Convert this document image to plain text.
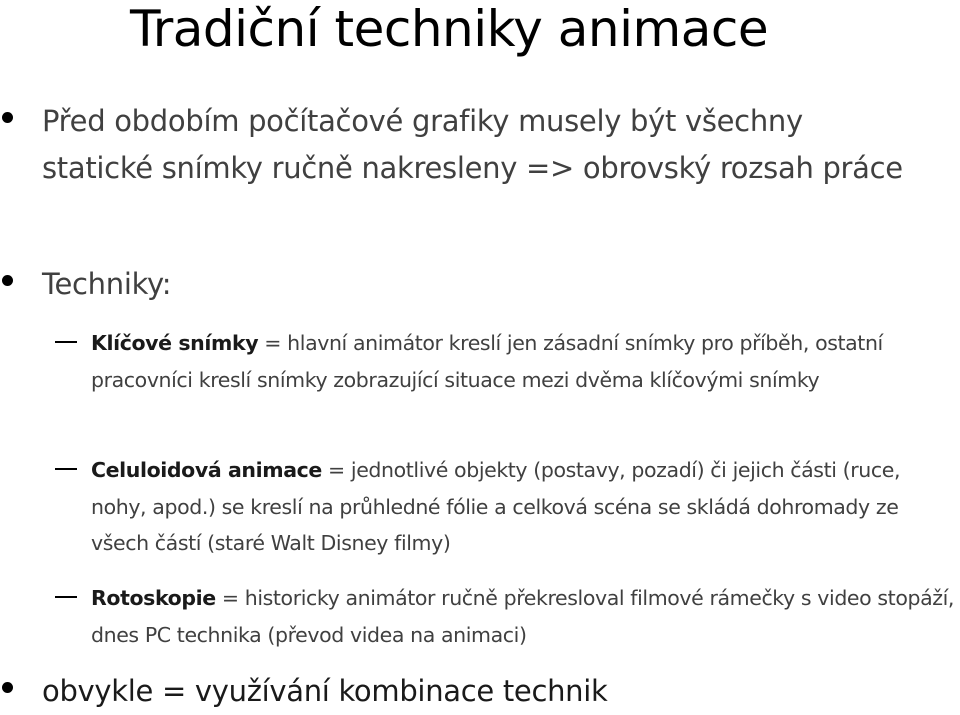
Tradiční techniky animace
Před obdobím počítačové grafiky musely být všechny statické snímky ručně nakresleny => obrovský rozsah práce
Techniky:
Klíčové snímky = hlavní animátor kreslí jen zásadní snímky pro příběh, ostatní pracovníci kreslí snímky zobrazující situace mezi dvěma klíčovými snímky
Celuloidová animace = jednotlivé objekty (postavy, pozadí) či jejich části (ruce, nohy, apod.) se kreslí na průhledné fólie a celková scéna se skládá dohromady ze všech částí (staré Walt Disney filmy)
Rotoskopie = historicky animátor ručně překresloval filmové rámečky s video stopáží, dnes PC technika (převod videa na animaci)
obvykle = využívání kombinace technik
